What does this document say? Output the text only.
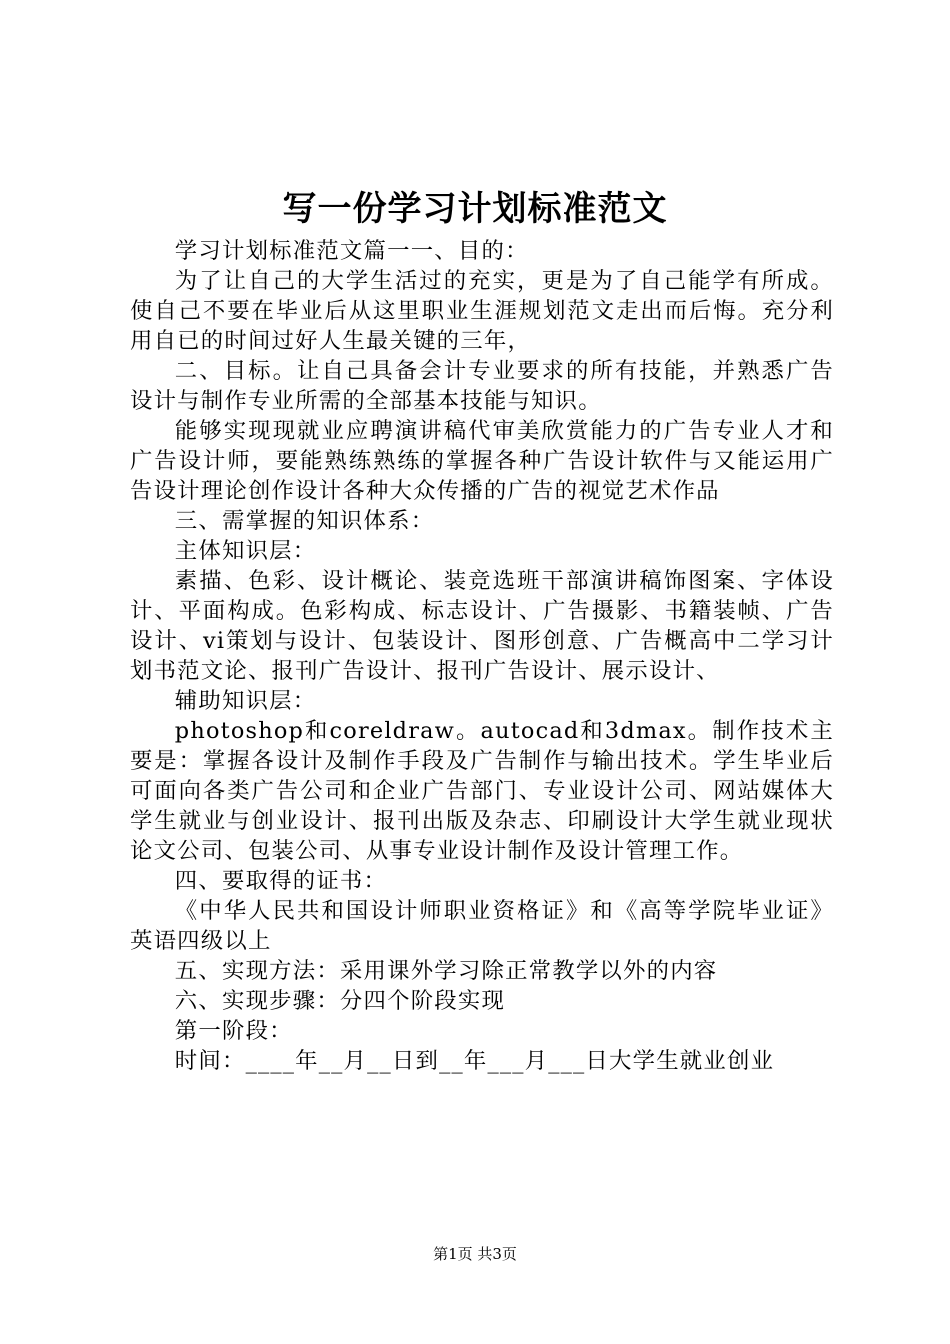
写一份学习计划标准范文

学习计划标准范文篇一一、目的：

为了让自己的大学生活过的充实，更是为了自己能学有所成。使自己不要在毕业后从这里职业生涯规划范文走出而后悔。充分利用自已的时间过好人生最关键的三年，

二、目标。让自己具备会计专业要求的所有技能，并熟悉广告设计与制作专业所需的全部基本技能与知识。

能够实现现就业应聘演讲稿代审美欣赏能力的广告专业人才和广告设计师，要能熟练熟练的掌握各种广告设计软件与又能运用广告设计理论创作设计各种大众传播的广告的视觉艺术作品

三、需掌握的知识体系：

主体知识层：

素描、色彩、设计概论、装竞选班干部演讲稿饰图案、字体设计、平面构成。色彩构成、标志设计、广告摄影、书籍装帧、广告设计、vi策划与设计、包装设计、图形创意、广告概高中二学习计划书范文论、报刊广告设计、报刊广告设计、展示设计、

辅助知识层：

photoshop和coreldraw。autocad和3dmax。制作技术主要是：掌握各设计及制作手段及广告制作与输出技术。学生毕业后可面向各类广告公司和企业广告部门、专业设计公司、网站媒体大学生就业与创业设计、报刊出版及杂志、印刷设计大学生就业现状论文公司、包装公司、从事专业设计制作及设计管理工作。

四、要取得的证书：

《中华人民共和国设计师职业资格证》和《高等学院毕业证》英语四级以上

五、实现方法：采用课外学习除正常教学以外的内容

六、实现步骤：分四个阶段实现

第一阶段：

时间：____年__月__日到__年___月___日大学生就业创业

第1页 共3页
